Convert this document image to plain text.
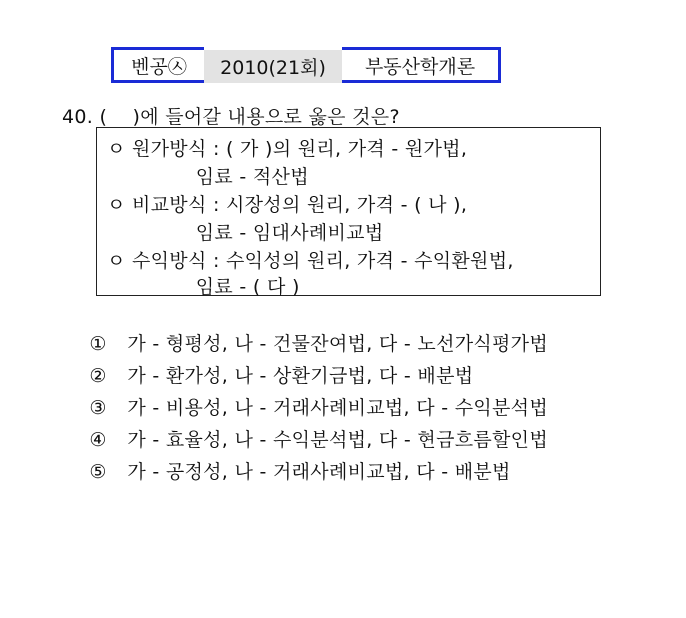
벤공㉦	2010(21회)	부동산학개론
40. (    )에 들어갈 내용으로 옳은 것은?
ㅇ 원가방식 : ( 가 )의 원리, 가격 - 원가법,
임료 - 적산법
ㅇ 비교방식 : 시장성의 원리, 가격 - ( 나 ),
임료 - 임대사례비교법
ㅇ 수익방식 : 수익성의 원리, 가격 - 수익환원법,
임료 - ( 다 )

① 가 - 형평성, 나 - 건물잔여법, 다 - 노선가식평가법

② 가 - 환가성, 나 - 상환기금법, 다 - 배분법

③ 가 - 비용성, 나 - 거래사례비교법, 다 - 수익분석법

④ 가 - 효율성, 나 - 수익분석법, 다 - 현금흐름할인법

⑤ 가 - 공정성, 나 - 거래사례비교법, 다 - 배분법
